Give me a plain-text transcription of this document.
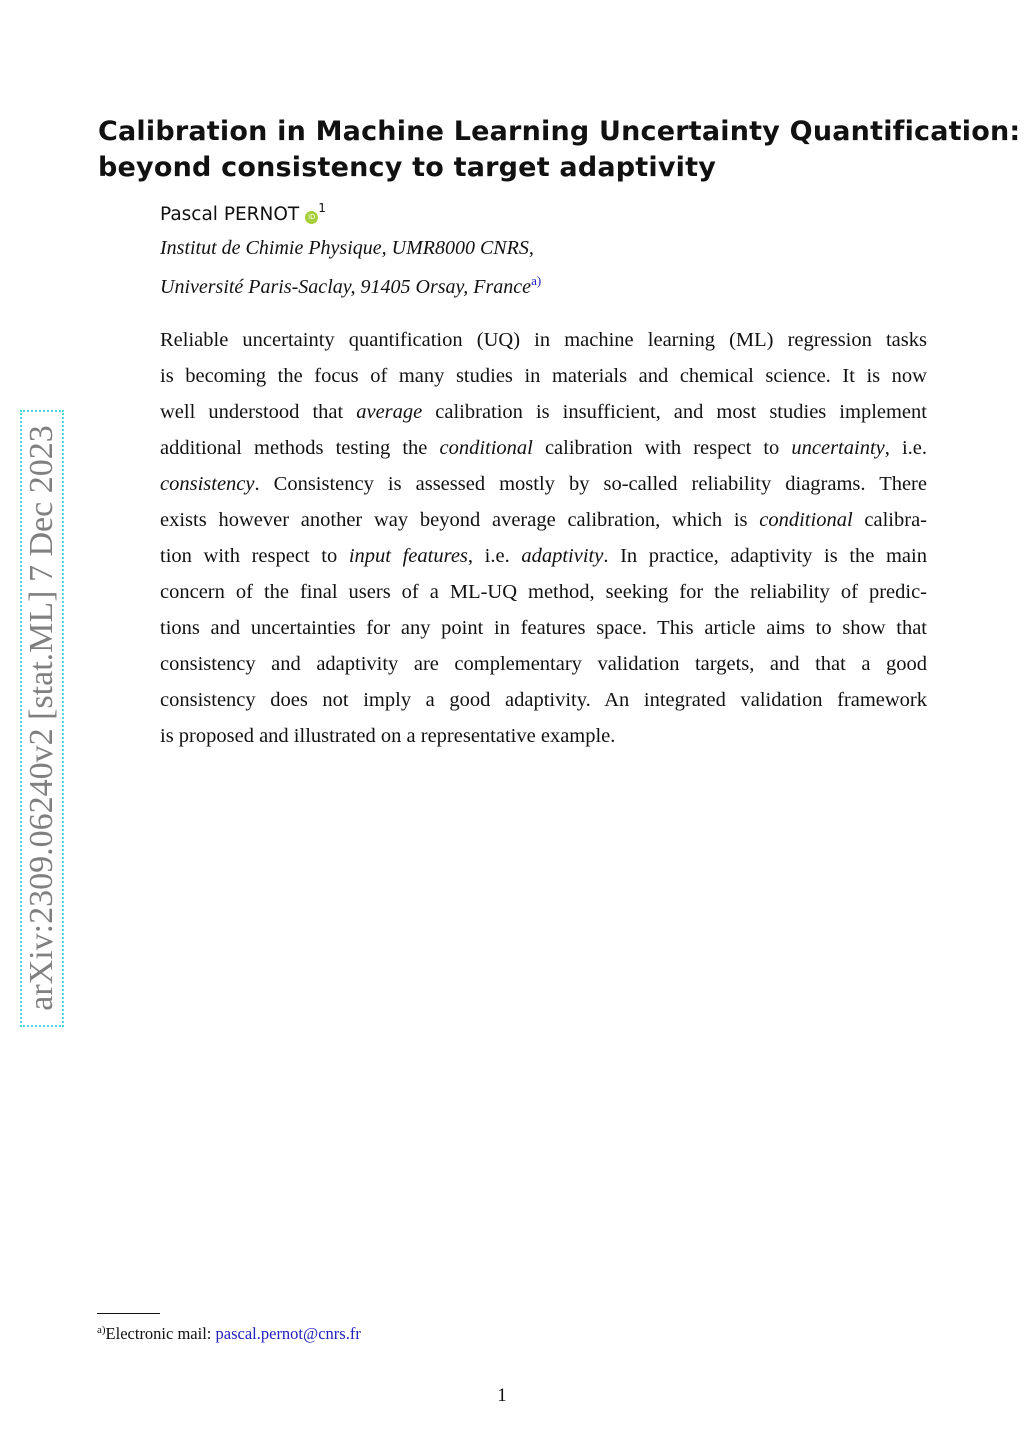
arXiv:2309.06240v2 [stat.ML] 7 Dec 2023
Calibration in Machine Learning Uncertainty Quantification:
beyond consistency to target adaptivity
Pascal PERNOT $iD^1$
Institut de Chimie Physique, UMR8000 CNRS,
Université Paris-Saclay, 91405 Orsay, France$^{a)}$
Reliable uncertainty quantification (UQ) in machine learning (ML) regression tasks
is becoming the focus of many studies in materials and chemical science. It is now
well understood that average calibration is insufficient, and most studies implement
additional methods testing the conditional calibration with respect to uncertainty, i.e.
consistency. Consistency is assessed mostly by so-called reliability diagrams. There
exists however another way beyond average calibration, which is conditional calibra-
tion with respect to input features, i.e. adaptivity. In practice, adaptivity is the main
concern of the final users of a ML-UQ method, seeking for the reliability of predic-
tions and uncertainties for any point in features space. This article aims to show that
consistency and adaptivity are complementary validation targets, and that a good
consistency does not imply a good adaptivity. An integrated validation framework
is proposed and illustrated on a representative example.
$^{a)}$Electronic mail: pascal.pernot@cnrs.fr
1
